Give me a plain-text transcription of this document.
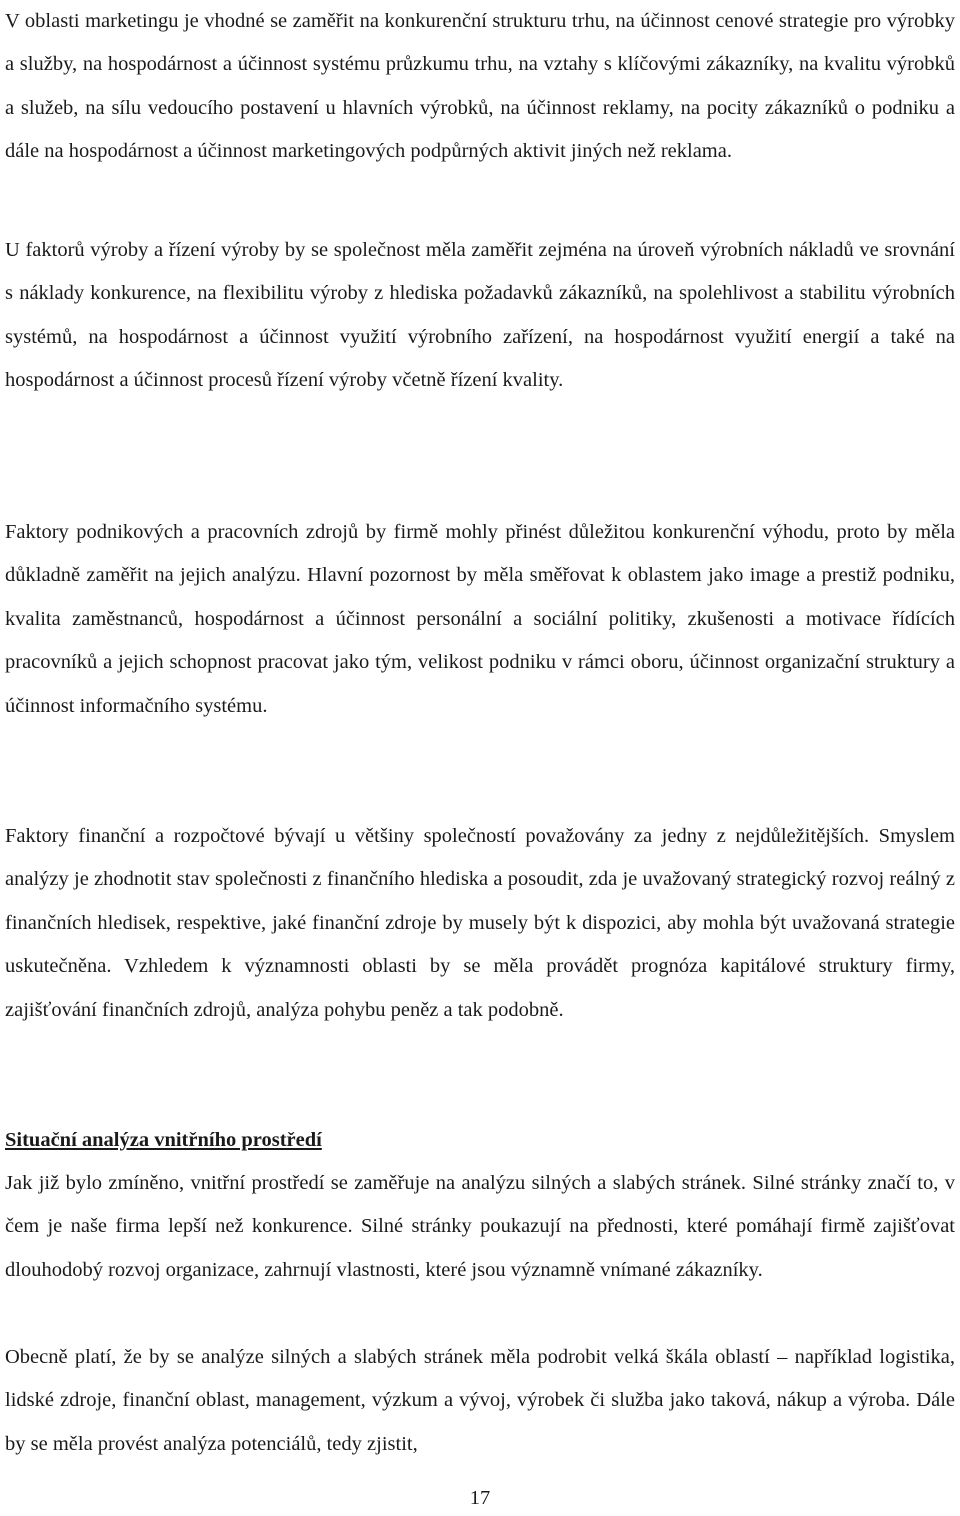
V oblasti marketingu je vhodné se zaměřit na konkurenční strukturu trhu, na účinnost cenové strategie pro výrobky a služby, na hospodárnost a účinnost systému průzkumu trhu, na vztahy s klíčovými zákazníky, na kvalitu výrobků a služeb, na sílu vedoucího postavení u hlavních výrobků, na účinnost reklamy, na pocity zákazníků o podniku a dále na hospodárnost a účinnost marketingových podpůrných aktivit jiných než reklama.

U faktorů výroby a řízení výroby by se společnost měla zaměřit zejména na úroveň výrobních nákladů ve srovnání s náklady konkurence, na flexibilitu výroby z hlediska požadavků zákazníků, na spolehlivost a stabilitu výrobních systémů, na hospodárnost a účinnost využití výrobního zařízení, na hospodárnost využití energií a také na hospodárnost a účinnost procesů řízení výroby včetně řízení kvality.

Faktory podnikových a pracovních zdrojů by firmě mohly přinést důležitou konkurenční výhodu, proto by měla důkladně zaměřit na jejich analýzu. Hlavní pozornost by měla směřovat k oblastem jako image a prestiž podniku, kvalita zaměstnanců, hospodárnost a účinnost personální a sociální politiky, zkušenosti a motivace řídících pracovníků a jejich schopnost pracovat jako tým, velikost podniku v rámci oboru, účinnost organizační struktury a účinnost informačního systému.

Faktory finanční a rozpočtové bývají u většiny společností považovány za jedny z nejdůležitějších. Smyslem analýzy je zhodnotit stav společnosti z finančního hlediska a posoudit, zda je uvažovaný strategický rozvoj reálný z finančních hledisek, respektive, jaké finanční zdroje by musely být k dispozici, aby mohla být uvažovaná strategie uskutečněna. Vzhledem k významnosti oblasti by se měla provádět prognóza kapitálové struktury firmy, zajišťování finančních zdrojů, analýza pohybu peněz a tak podobně.

Situační analýza vnitřního prostředí

Jak již bylo zmíněno, vnitřní prostředí se zaměřuje na analýzu silných a slabých stránek. Silné stránky značí to, v čem je naše firma lepší než konkurence. Silné stránky poukazují na přednosti, které pomáhají firmě zajišťovat dlouhodobý rozvoj organizace, zahrnují vlastnosti, které jsou významně vnímané zákazníky.

Obecně platí, že by se analýze silných a slabých stránek měla podrobit velká škála oblastí – například logistika, lidské zdroje, finanční oblast, management, výzkum a vývoj, výrobek či služba jako taková, nákup a výroba. Dále by se měla provést analýza potenciálů, tedy zjistit,

17
